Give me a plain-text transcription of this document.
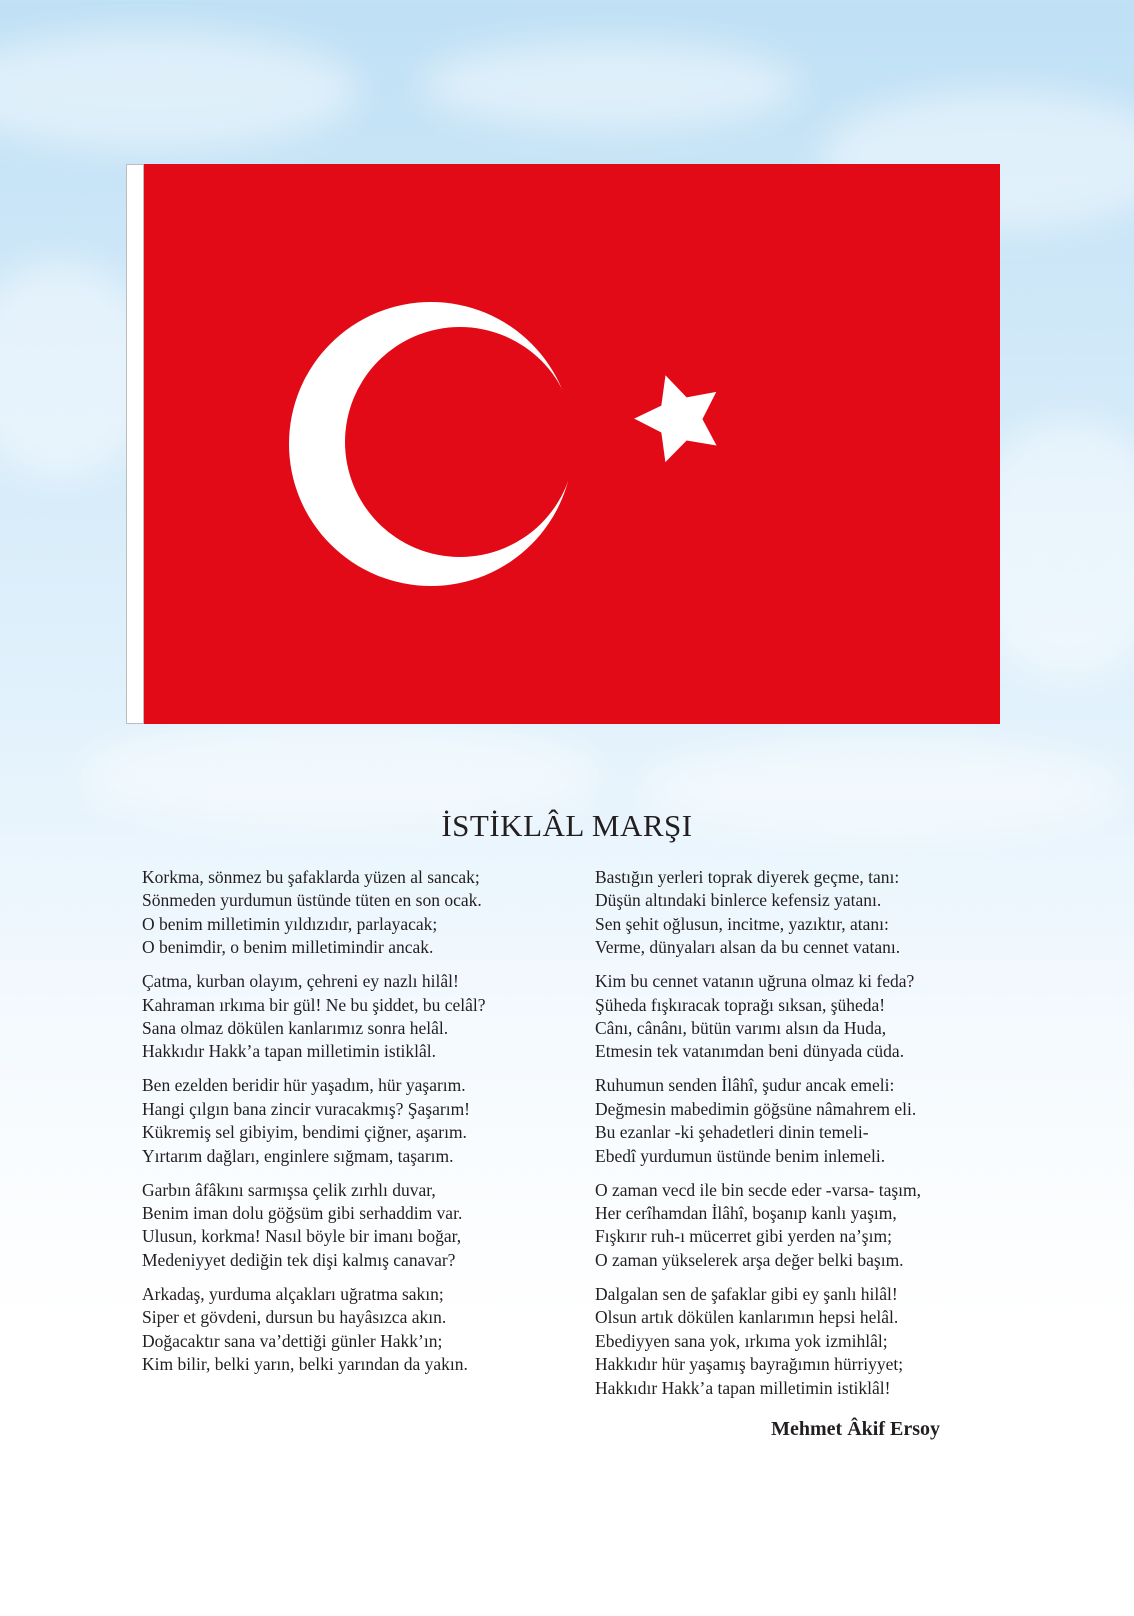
İSTİKLÂL MARŞI
Korkma, sönmez bu şafaklarda yüzen al sancak;
Sönmeden yurdumun üstünde tüten en son ocak.
O benim milletimin yıldızıdır, parlayacak;
O benimdir, o benim milletimindir ancak.
Çatma, kurban olayım, çehreni ey nazlı hilâl!
Kahraman ırkıma bir gül! Ne bu şiddet, bu celâl?
Sana olmaz dökülen kanlarımız sonra helâl.
Hakkıdır Hakk’a tapan milletimin istiklâl.
Ben ezelden beridir hür yaşadım, hür yaşarım.
Hangi çılgın bana zincir vuracakmış? Şaşarım!
Kükremiş sel gibiyim, bendimi çiğner, aşarım.
Yırtarım dağları, enginlere sığmam, taşarım.
Garbın âfâkını sarmışsa çelik zırhlı duvar,
Benim iman dolu göğsüm gibi serhaddim var.
Ulusun, korkma! Nasıl böyle bir imanı boğar,
Medeniyyet dediğin tek dişi kalmış canavar?
Arkadaş, yurduma alçakları uğratma sakın;
Siper et gövdeni, dursun bu hayâsızca akın.
Doğacaktır sana va’dettiği günler Hakk’ın;
Kim bilir, belki yarın, belki yarından da yakın.
Bastığın yerleri toprak diyerek geçme, tanı:
Düşün altındaki binlerce kefensiz yatanı.
Sen şehit oğlusun, incitme, yazıktır, atanı:
Verme, dünyaları alsan da bu cennet vatanı.
Kim bu cennet vatanın uğruna olmaz ki feda?
Şüheda fışkıracak toprağı sıksan, şüheda!
Cânı, cânânı, bütün varımı alsın da Huda,
Etmesin tek vatanımdan beni dünyada cüda.
Ruhumun senden İlâhî, şudur ancak emeli:
Değmesin mabedimin göğsüne nâmahrem eli.
Bu ezanlar -ki şehadetleri dinin temeli-
Ebedî yurdumun üstünde benim inlemeli.
O zaman vecd ile bin secde eder -varsa- taşım,
Her cerîhamdan İlâhî, boşanıp kanlı yaşım,
Fışkırır ruh-ı mücerret gibi yerden na’şım;
O zaman yükselerek arşa değer belki başım.
Dalgalan sen de şafaklar gibi ey şanlı hilâl!
Olsun artık dökülen kanlarımın hepsi helâl.
Ebediyyen sana yok, ırkıma yok izmihlâl;
Hakkıdır hür yaşamış bayrağımın hürriyyet;
Hakkıdır Hakk’a tapan milletimin istiklâl!

Mehmet Âkif Ersoy
